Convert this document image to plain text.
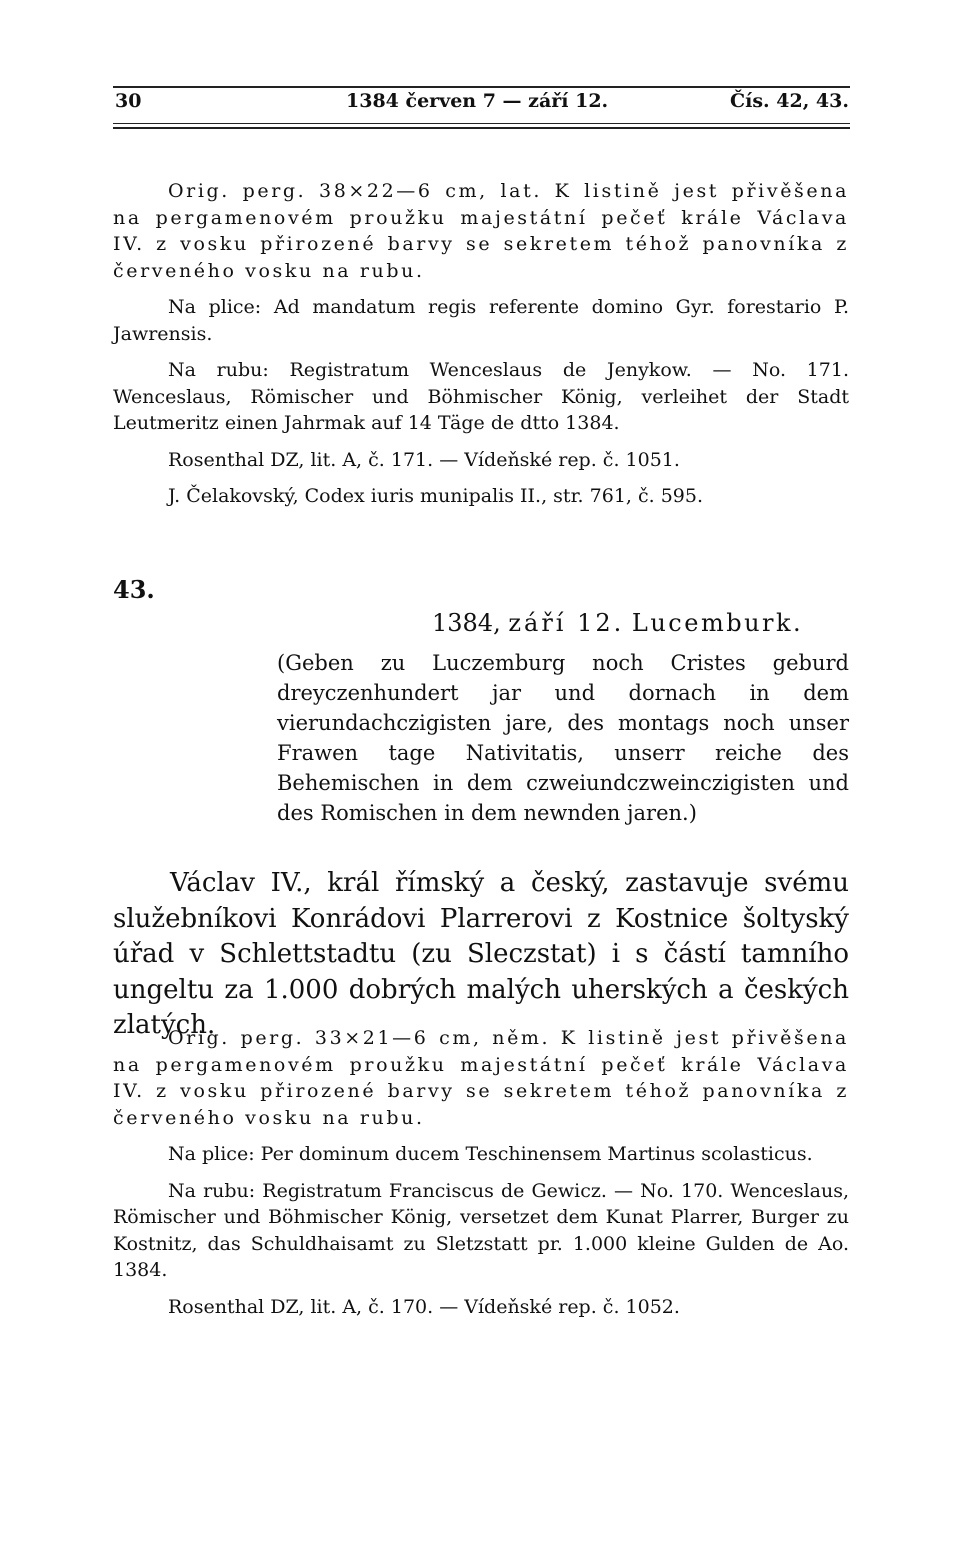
30	1384 červen 7 — září 12.	Čís. 42, 43.

Orig. perg. 38×22—6 cm, lat. K listině jest přivěšena na pergamenovém proužku majestátní pečeť krále Václava IV. z vosku přirozené barvy se sekretem téhož panovníka z červeného vosku na rubu.

Na plice: Ad mandatum regis referente domino Gyr. forestario P. Jawrensis.

Na rubu: Registratum Wenceslaus de Jenykow. — No. 171. Wenceslaus, Römischer und Böhmischer König, verleihet der Stadt Leutmeritz einen Jahrmak auf 14 Täge de dtto 1384.

Rosenthal DZ, lit. A, č. 171. — Vídeňské rep. č. 1051.

J. Čelakovský, Codex iuris munipalis II., str. 761, č. 595.

43.
1384, září 12. Lucemburk.

(Geben zu Luczemburg noch Cristes geburd dreyczenhundert jar und dornach in dem vierundachczigisten jare, des montags noch unser Frawen tage Nativitatis, unserr reiche des Behemischen in dem czweiundczweinczigisten und des Romischen in dem newnden jaren.)

Václav IV., král římský a český, zastavuje svému služebníkovi Konrádovi Plarrerovi z Kostnice šoltyský úřad v Schlettstadtu (zu Sleczstat) i s částí tamního ungeltu za 1.000 dobrých malých uherských a českých zlatých.

Orig. perg. 33×21—6 cm, něm. K listině jest přivěšena na pergamenovém proužku majestátní pečeť krále Václava IV. z vosku přirozené barvy se sekretem téhož panovníka z červeného vosku na rubu.

Na plice: Per dominum ducem Teschinensem Martinus scolasticus.

Na rubu: Registratum Franciscus de Gewicz. — No. 170. Wenceslaus, Römischer und Böhmischer König, versetzet dem Kunat Plarrer, Burger zu Kostnitz, das Schuldhaisamt zu Sletzstatt pr. 1.000 kleine Gulden de Ao. 1384.

Rosenthal DZ, lit. A, č. 170. — Vídeňské rep. č. 1052.
